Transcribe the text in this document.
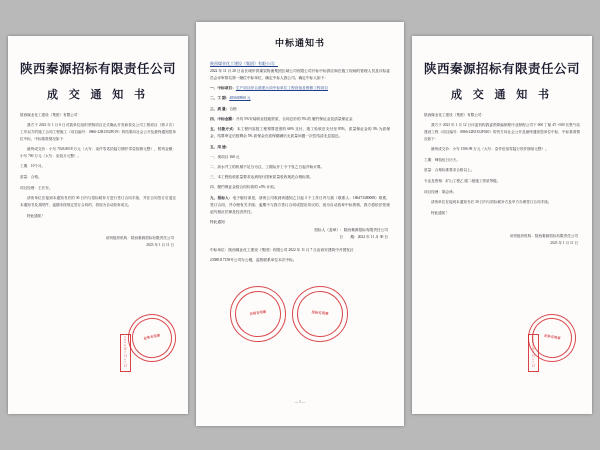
陕西秦源招标有限责任公司
成 交 通 知 书

陕西煤业化工建设（集团）有限公司：

我方于 2023 年 1 月 6 日对我单位组织采购项目正式确认开发商泰克公司工程项目（第 2 次）工序双方的施工合同工程施工（项目编号：0866-22B1352F019）的结果向社会公开及最终通知您单位中标，中标基准情况如下：

最终成交价：小写 7026.8018 万元（大写：柒仟零贰拾陆万捌仟零壹拾捌元整），暂列金额：小写 700 万元（大写：柒佰万元整）。

工期：10个月。

质量：合格。

项目经理：王长安。

请贵单位在接到本通知书后的 30 日内与招标候补方进行签订合同手续，并在合同签订后退还本通知书及其附件，逾期未按规定签订合同的，将视为自动放弃成交。

特此通知！

谈判组织机构：陕西秦源招标有限责任公司
2023 年 1 月 11 日
业务专用章
2023年1月11日
中标通知书
陕西煤业化工建设（集团）有限公司：

2022 年 11 月 20 日由长城甲供煤炭物流集团区域公司有限公司开标中标供应商在施工现场的管理人员及评标委员会评审排名第一顺位中标单位，确定中标人我公司。确定中标人如下：

一、中标项目：生产项目综合基建大项中标单位工程设备及维修工程项目

二、工 期：485600900 元

三、质 量：合格

四、中标金额：开具 5%安装职业技能资质，合同总价的 5% 的 履约保证金及质量保证金

五、付款方式：本工程内容按工程预算进度的 60% 支付，竣工验收后支付至 85%，质量保证金的 3% 为质保金，结算审定后按剩余 5% 质保金在质保期满后无质量问题一次性结清无息退还。

五、用 途：

一、现项目 160 元

二、高水并工的机械不足分为注，工期从开工令下发之日起开始计算。

三、本工程验收质量要求达到现行国家质量验收规范合格标准。

四、履约保证金按合同价款的 x5% 计取。

九、招标人：电子版付请见，请贵公司收到该通知之日起 3 个工作日内与我（联系人：186473380008）联系，签订合同，并办理有关手续；逾期不与我方签订合同或提出异议的，视为自动放弃中标资格，我方将依法依规追究相应法律及经济责任。

特此通知
招标人（盖章）：陕西秦源招标有限责任公司
日　　期：2022 年 11 月 30 日

中标单位：陕西煤业化工建设（集团）有限公司 2022 年 11 月 7 日由西安建筑中开国发区

23580117158号公司办公楼，监察联系单位本次中标。

合同专用章	投标专用章
— 1 —
陕西秦源招标有限责任公司
成 交 通 知 书

陕西煤业化工建设（集团）有限公司：

我方于 2023 年 1 月 12 日评委机构我委预算编制程序业制程公司下 600 丁厘 4T +500 长集气站 建设工程（项目编号：0866-22B1352F020）的货方向社会公开及最终通知您单位中标，中标基准情况如下：

最终成交价：小写 1506.98 万元（大写：壹仟伍佰零陆万玖仟捌佰元整）。

工期：肆拾伍日历天。

质量：合格标准要求合格以上。

专业及资格：矿山工程乙 级二级施工资质等级。

项目经理：陈会珍。

请贵单位在接到本通知书后 30 日内与招标候补方及甲方办理签订合同手续。

特此通知！

谈判组织机构：陕西秦源招标有限责任公司
2023 年 1 月 11 日
业务专用章
2023年1月11日
